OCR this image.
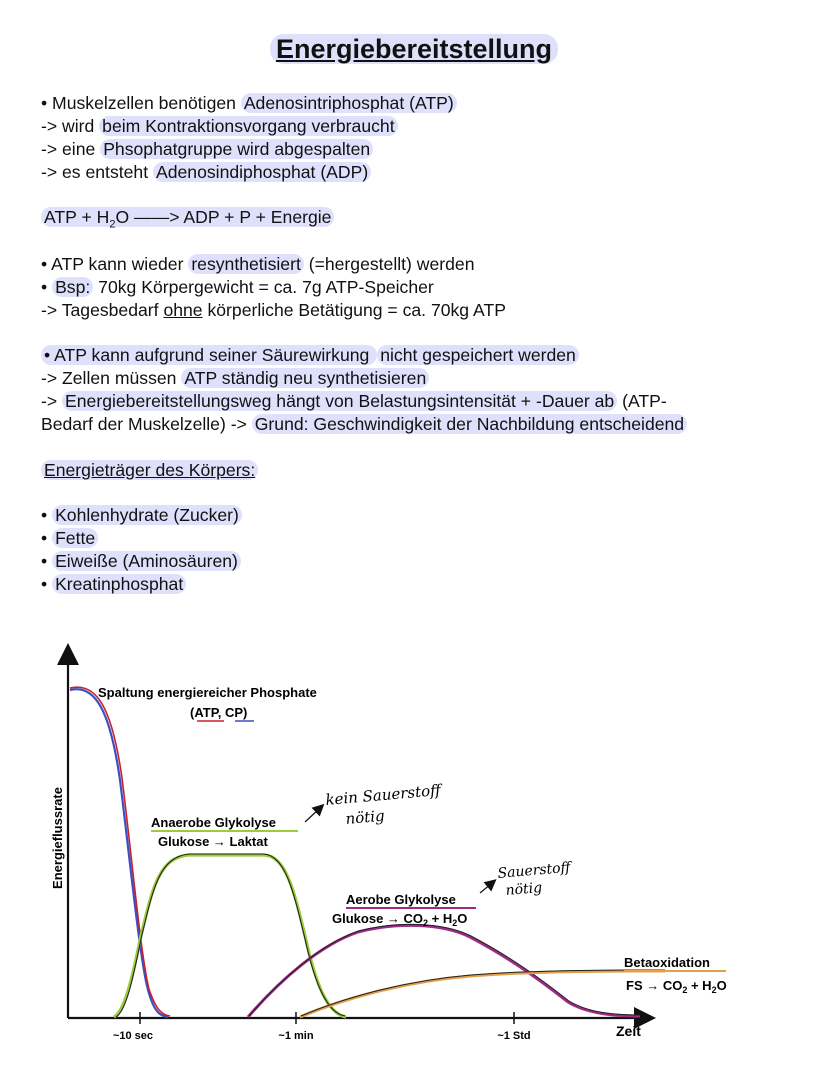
Energiebereitstellung
• Muskelzellen benötigen Adenosintriphosphat (ATP)
-> wird beim Kontraktionsvorgang verbraucht
-> eine Phsophatgruppe wird abgespalten
-> es entsteht Adenosindiphosphat (ADP)
ATP + $H_2O$ ——> ADP + P + Energie
• ATP kann wieder resynthetisiert (=hergestellt) werden
• Bsp: 70kg Körpergewicht = ca. 7g ATP-Speicher
-> Tagesbedarf ohne körperliche Betätigung = ca. 70kg ATP
• ATP kann aufgrund seiner Säurewirkung nicht gespeichert werden
-> Zellen müssen ATP ständig neu synthetisieren
-> Energiebereitstellungsweg hängt von Belastungsintensität + -Dauer ab (ATP-
Bedarf der Muskelzelle) -> Grund: Geschwindigkeit der Nachbildung entscheidend
Energieträger des Körpers:
• Kohlenhydrate (Zucker)
• Fette
• Eiweiße (Aminosäuren)
• Kreatinphosphat
Energieflussrate
Zeit
~10 sec	~1 min	~1 Std
Spaltung energiereicher Phosphate
(ATP, CP)
Anaerobe Glykolyse
Glukose → Laktat
kein Sauerstoff
nötig
Aerobe Glykolyse
Glukose → $CO_2 + H_2O$
Sauerstoff
nötig
Betaoxidation
FS → $CO_2 + H_2O$
